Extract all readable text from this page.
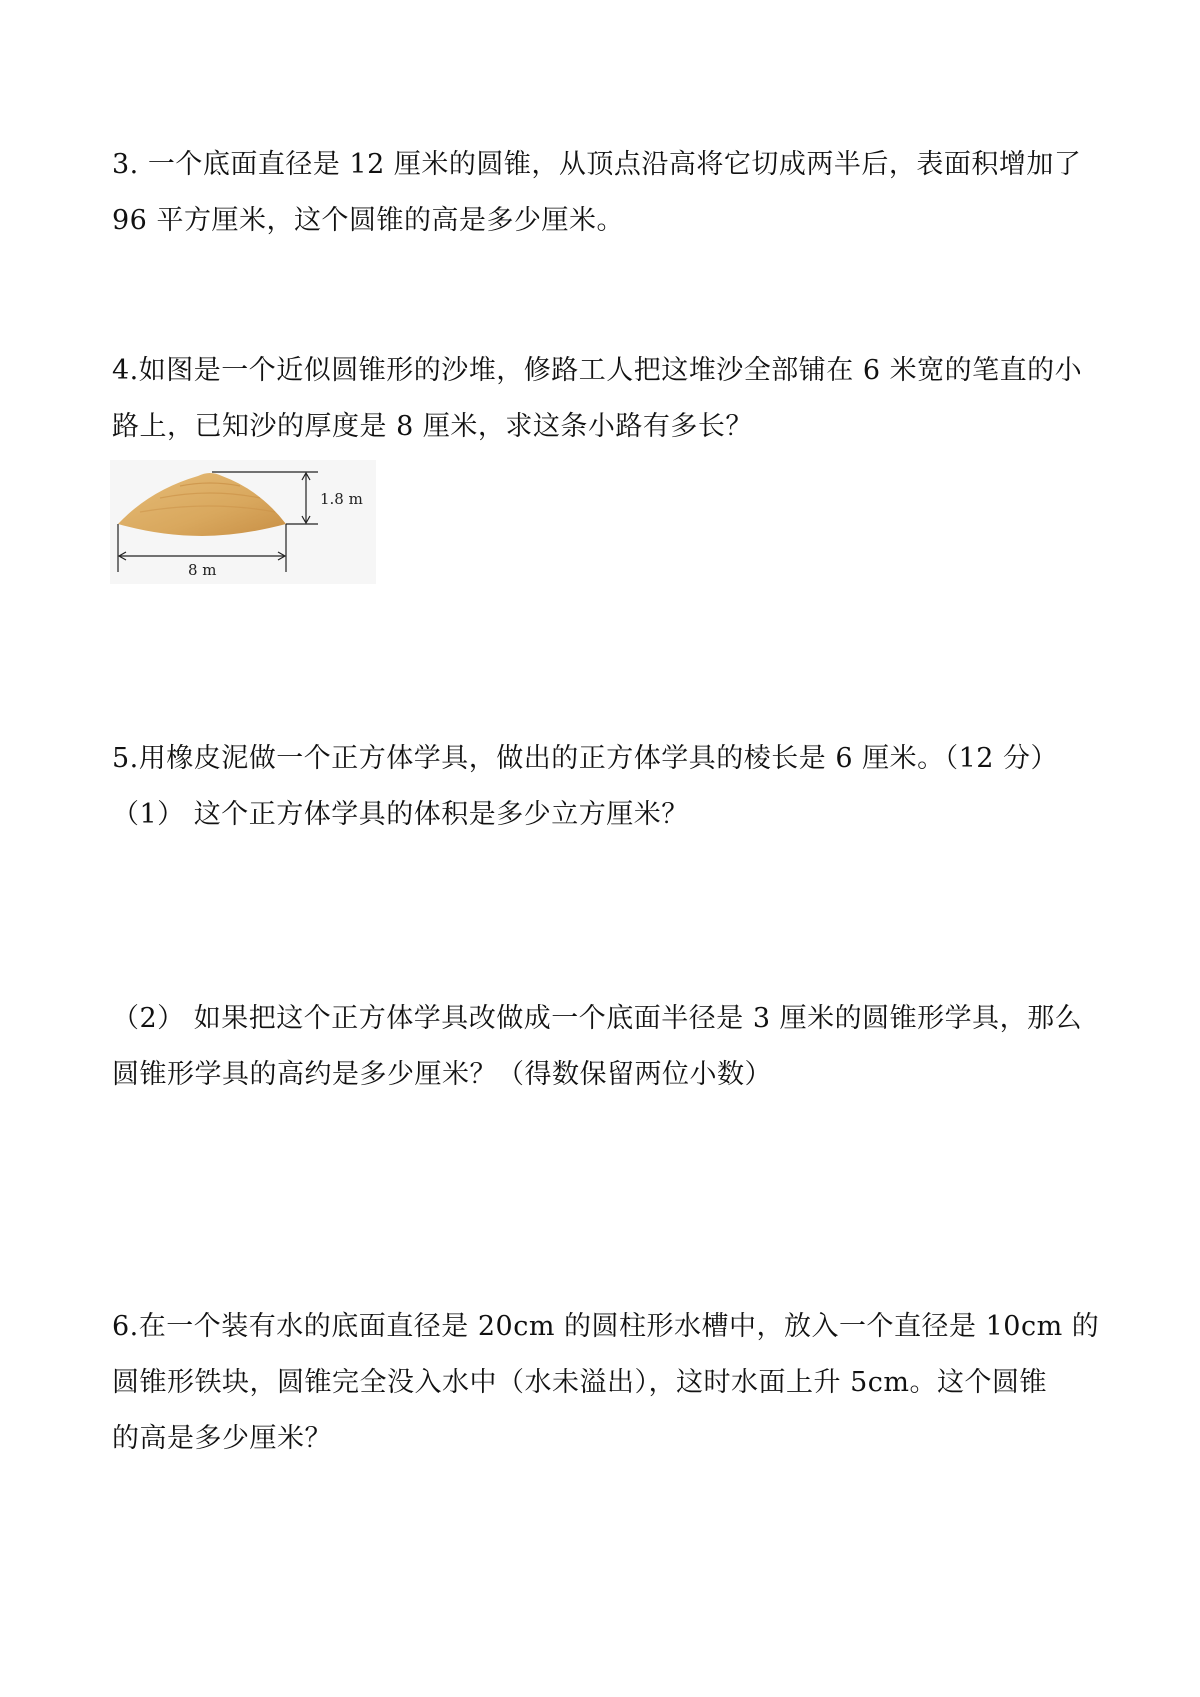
3. 一个底面直径是 12 厘米的圆锥，从顶点沿高将它切成两半后，表面积增加了
96 平方厘米，这个圆锥的高是多少厘米。
4.如图是一个近似圆锥形的沙堆，修路工人把这堆沙全部铺在 6 米宽的笔直的小
路上，已知沙的厚度是 8 厘米，求这条小路有多长？
1.8 m
8 m
5.用橡皮泥做一个正方体学具，做出的正方体学具的棱长是 6 厘米。（12 分）
（1） 这个正方体学具的体积是多少立方厘米？
（2） 如果把这个正方体学具改做成一个底面半径是 3 厘米的圆锥形学具，那么
圆锥形学具的高约是多少厘米？（得数保留两位小数）
6.在一个装有水的底面直径是 20cm 的圆柱形水槽中，放入一个直径是 10cm 的
圆锥形铁块，圆锥完全没入水中（水未溢出），这时水面上升 5cm。这个圆锥
的高是多少厘米？
